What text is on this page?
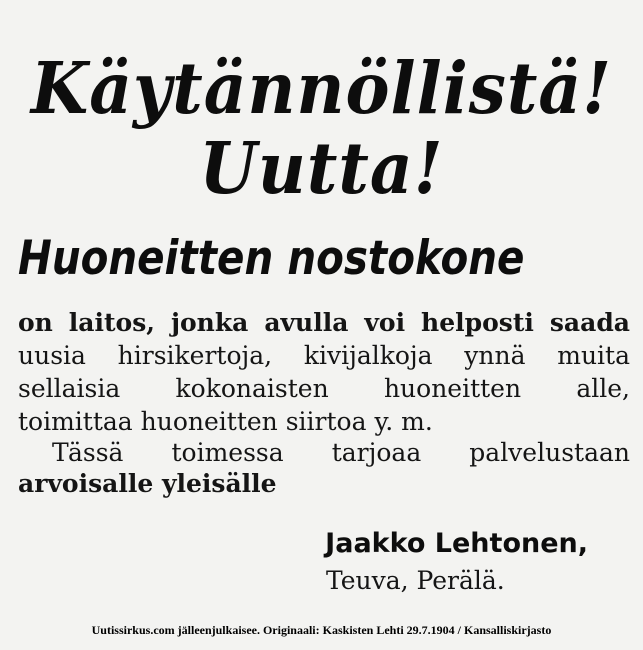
Käytännöllistä!
Uutta!
Huoneitten nostokone
on laitos, jonka avulla voi helposti saada
uusia hirsikertoja, kivijalkoja ynnä muita
sellaisia kokonaisten huoneitten alle,
toimittaa huoneitten siirtoa y. m.
Tässä toimessa tarjoaa palvelustaan
arvoisalle yleisälle
Jaakko Lehtonen,
Teuva, Perälä.
Uutissirkus.com jälleenjulkaisee. Originaali: Kaskisten Lehti 29.7.1904 / Kansalliskirjasto
